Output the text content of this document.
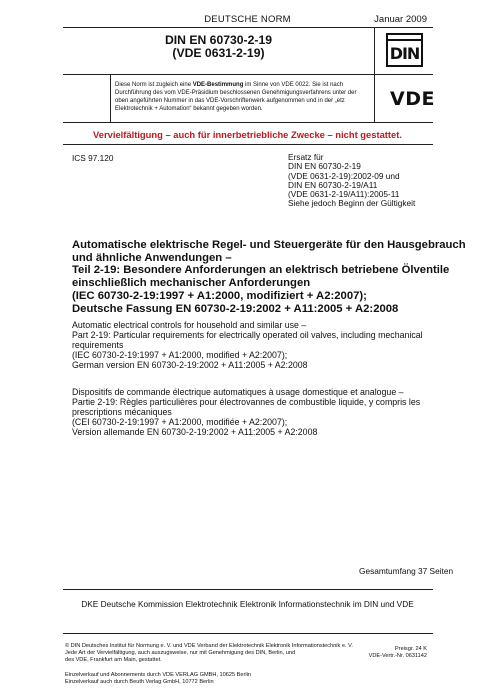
DEUTSCHE NORM	Januar 2009
DIN EN 60730-2-19
(VDE 0631-2-19)	DIN
Diese Norm ist zugleich eine VDE-Bestimmung im Sinne von VDE 0022. Sie ist nach Durchführung des vom VDE-Präsidium beschlossenen Genehmigungsverfahrens unter der oben angeführten Nummer in das VDE-Vorschriftenwerk aufgenommen und in der „etz Elektrotechnik + Automation“ bekannt gegeben worden.	VDE
Vervielfältigung – auch für innerbetriebliche Zwecke – nicht gestattet.
ICS 97.120	Ersatz für
DIN EN 60730-2-19
(VDE 0631-2-19):2002-09 und
DIN EN 60730-2-19/A11
(VDE 0631-2-19/A11):2005-11
Siehe jedoch Beginn der Gültigkeit
Automatische elektrische Regel- und Steuergeräte für den Hausgebrauch
und ähnliche Anwendungen –
Teil 2-19: Besondere Anforderungen an elektrisch betriebene Ölventile
einschließlich mechanischer Anforderungen
(IEC 60730-2-19:1997 + A1:2000, modifiziert + A2:2007);
Deutsche Fassung EN 60730-2-19:2002 + A11:2005 + A2:2008
Automatic electrical controls for household and similar use –
Part 2-19: Particular requirements for electrically operated oil valves, including mechanical
requirements
(IEC 60730-2-19:1997 + A1:2000, modified + A2:2007);
German version EN 60730-2-19:2002 + A11:2005 + A2:2008
Dispositifs de commande électrique automatiques à usage domestique et analogue –
Partie 2-19: Règles particulières pour électrovannes de combustible liquide, y compris les
prescriptions mécaniques
(CEI 60730-2-19:1997 + A1:2000, modifiée + A2:2007);
Version allemande EN 60730-2-19:2002 + A11:2005 + A2:2008
Gesamtumfang 37 Seiten
DKE Deutsche Kommission Elektrotechnik Elektronik Informationstechnik im DIN und VDE
© DIN Deutsches Institut für Normung e. V. und VDE Verband der Elektrotechnik Elektronik Informationstechnik e. V.
Jede Art der Vervielfältigung, auch auszugsweise, nur mit Genehmigung des DIN, Berlin, und
des VDE, Frankfurt am Main, gestattet.
Preisgr. 24 K
VDE-Vertr.-Nr. 0631142
Einzelverkauf und Abonnements durch VDE VERLAG GMBH, 10625 Berlin
Einzelverkauf auch durch Beuth Verlag GmbH, 10772 Berlin
